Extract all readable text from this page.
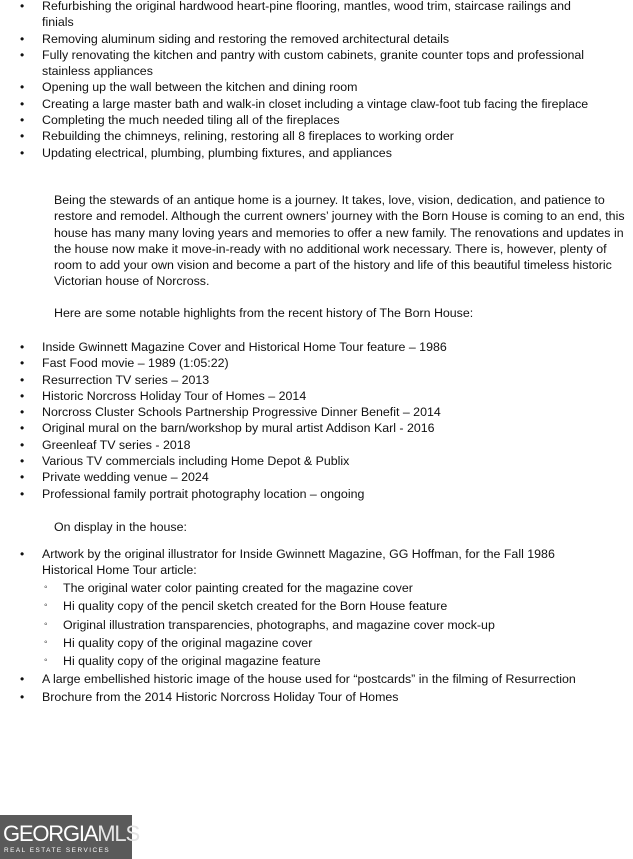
• Refurbishing the original hardwood heart-pine flooring, mantles, wood trim, staircase railings and finials
• Removing aluminum siding and restoring the removed architectural details
• Fully renovating the kitchen and pantry with custom cabinets, granite counter tops and professional stainless appliances
• Opening up the wall between the kitchen and dining room
• Creating a large master bath and walk-in closet including a vintage claw-foot tub facing the fireplace
• Completing the much needed tiling all of the fireplaces
• Rebuilding the chimneys, relining, restoring all 8 fireplaces to working order
• Updating electrical, plumbing, plumbing fixtures, and appliances

Being the stewards of an antique home is a journey. It takes, love, vision, dedication, and patience to restore and remodel. Although the current owners’ journey with the Born House is coming to an end, this house has many many loving years and memories to offer a new family. The renovations and updates in the house now make it move-in-ready with no additional work necessary. There is, however, plenty of room to add your own vision and become a part of the history and life of this beautiful timeless historic Victorian house of Norcross.

Here are some notable highlights from the recent history of The Born House:

• Inside Gwinnett Magazine Cover and Historical Home Tour feature – 1986
• Fast Food movie – 1989 (1:05:22)
• Resurrection TV series – 2013
• Historic Norcross Holiday Tour of Homes – 2014
• Norcross Cluster Schools Partnership Progressive Dinner Benefit – 2014
• Original mural on the barn/workshop by mural artist Addison Karl - 2016
• Greenleaf TV series - 2018
• Various TV commercials including Home Depot & Publix
• Private wedding venue – 2024
• Professional family portrait photography location – ongoing

On display in the house:

• Artwork by the original illustrator for Inside Gwinnett Magazine, GG Hoffman, for the Fall 1986 Historical Home Tour article:
◦ The original water color painting created for the magazine cover
◦ Hi quality copy of the pencil sketch created for the Born House feature
◦ Original illustration transparencies, photographs, and magazine cover mock-up
◦ Hi quality copy of the original magazine cover
◦ Hi quality copy of the original magazine feature
• A large embellished historic image of the house used for “postcards” in the filming of Resurrection
• Brochure from the 2014 Historic Norcross Holiday Tour of Homes
GEORGIAMLS
REAL ESTATE SERVICES
